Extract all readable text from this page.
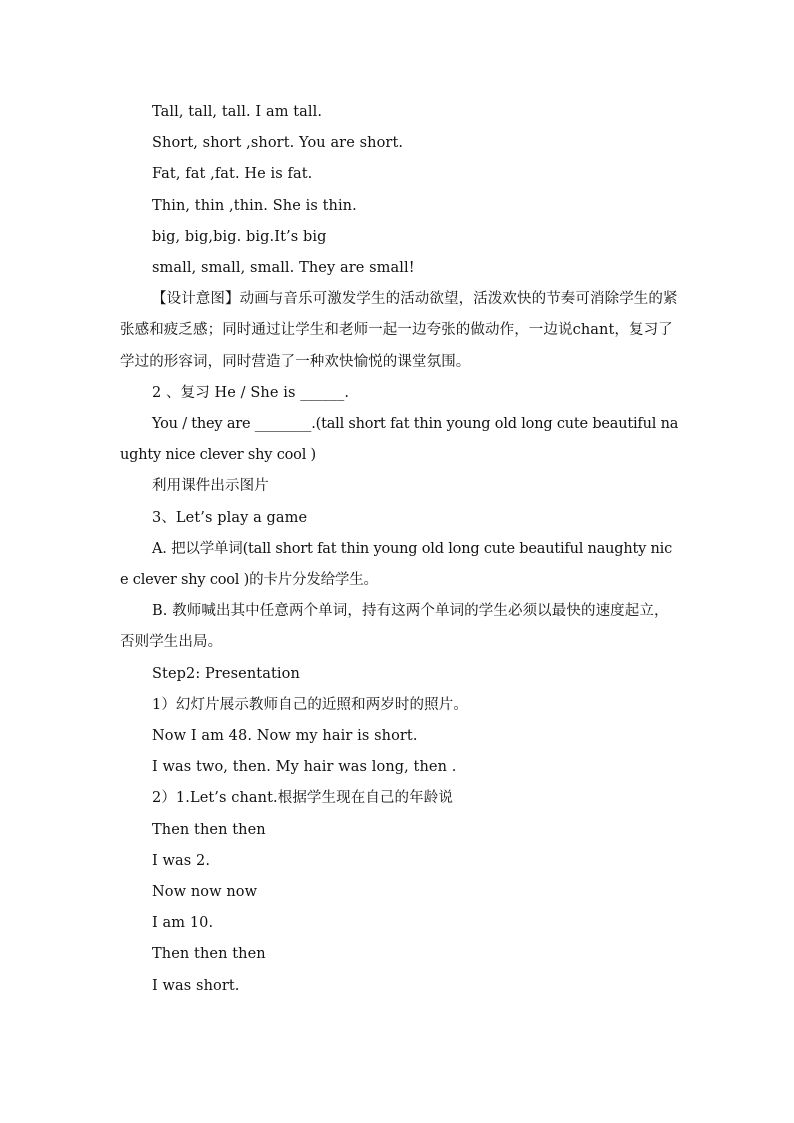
Tall, tall, tall. I am tall.
Short, short ,short. You are short.
Fat, fat ,fat. He is fat.
Thin, thin ,thin. She is thin.
big, big,big. big.It’s big
small, small, small. They are small!
【设计意图】动画与音乐可激发学生的活动欲望，活泼欢快的节奏可消除学生的紧张感和疲乏感；同时通过让学生和老师一起一边夸张的做动作，一边说chant，复习了学过的形容词，同时营造了一种欢快愉悦的课堂氛围。
2 、复习 He / She is ______.
You / they are ________.(tall short fat thin young old long cute beautiful naughty nice clever shy cool )
利用课件出示图片
3、Let’s play a game
A. 把以学单词(tall short fat thin young old long cute beautiful naughty nice clever shy cool )的卡片分发给学生。
B. 教师喊出其中任意两个单词，持有这两个单词的学生必须以最快的速度起立，否则学生出局。
Step2: Presentation
1）幻灯片展示教师自己的近照和两岁时的照片。
Now I am 48. Now my hair is short.
I was two, then. My hair was long, then .
2）1.Let’s chant.根据学生现在自己的年龄说
Then then then
I was 2.
Now now now
I am 10.
Then then then
I was short.
